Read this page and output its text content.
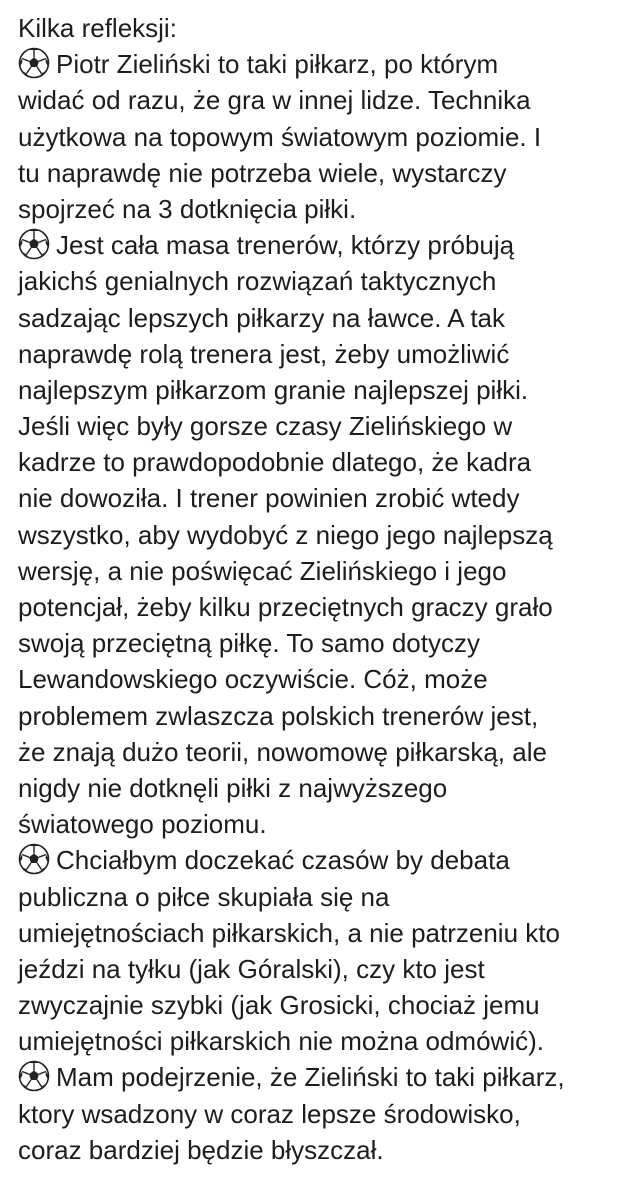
Kilka refleksji:
Piotr Zieliński to taki piłkarz, po którym
widać od razu, że gra w innej lidze. Technika
użytkowa na topowym światowym poziomie. I
tu naprawdę nie potrzeba wiele, wystarczy
spojrzeć na 3 dotknięcia piłki.
Jest cała masa trenerów, którzy próbują
jakichś genialnych rozwiązań taktycznych
sadzając lepszych piłkarzy na ławce. A tak
naprawdę rolą trenera jest, żeby umożliwić
najlepszym piłkarzom granie najlepszej piłki.
Jeśli więc były gorsze czasy Zielińskiego w
kadrze to prawdopodobnie dlatego, że kadra
nie dowoziła. I trener powinien zrobić wtedy
wszystko, aby wydobyć z niego jego najlepszą
wersję, a nie poświęcać Zielińskiego i jego
potencjał, żeby kilku przeciętnych graczy grało
swoją przeciętną piłkę. To samo dotyczy
Lewandowskiego oczywiście. Cóż, może
problemem zwlaszcza polskich trenerów jest,
że znają dużo teorii, nowomowę piłkarską, ale
nigdy nie dotknęli piłki z najwyższego
światowego poziomu.
Chciałbym doczekać czasów by debata
publiczna o piłce skupiała się na
umiejętnościach piłkarskich, a nie patrzeniu kto
jeździ na tyłku (jak Góralski), czy kto jest
zwyczajnie szybki (jak Grosicki, chociaż jemu
umiejętności piłkarskich nie można odmówić).
Mam podejrzenie, że Zieliński to taki piłkarz,
ktory wsadzony w coraz lepsze środowisko,
coraz bardziej będzie błyszczał.
